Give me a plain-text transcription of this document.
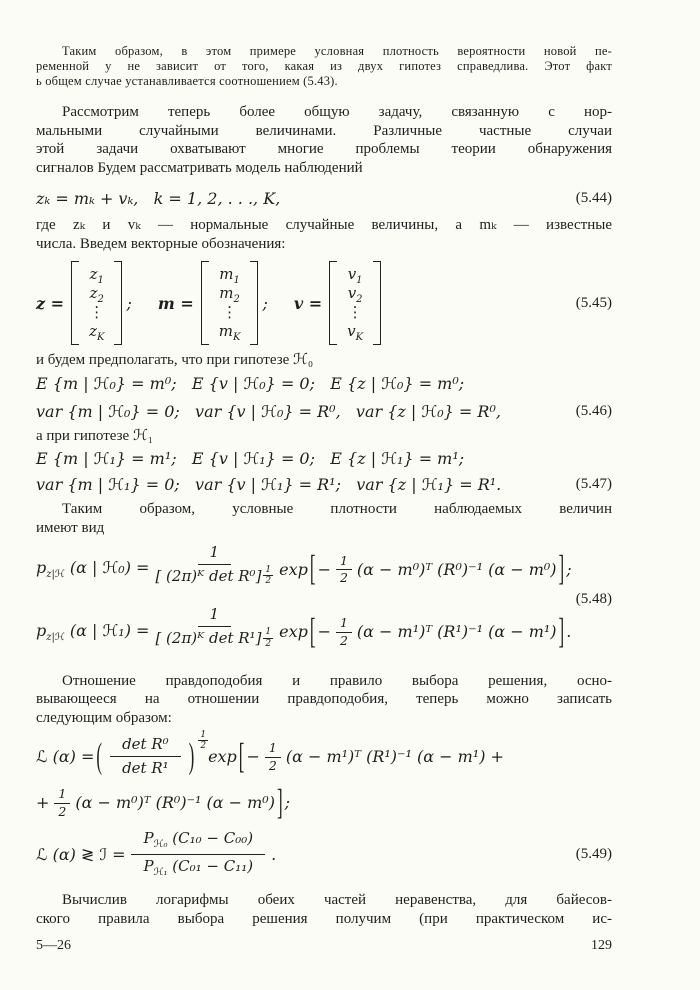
Таким образом, в этом примере условная плотность вероятности новой пе-
ременной у не зависит от того, какая из двух гипотез справедлива. Этот факт
ь общем случае устанавливается соотношением (5.43).

Рассмотрим теперь более общую задачу, связанную с нор-
мальными случайными величинами. Различные частные случаи
этой задачи охватывают многие проблемы теории обнаружения
сигналов Будем рассматривать модель наблюдений

zₖ = mₖ + vₖ,   k = 1, 2, . . ., K,	(5.44)

где zₖ и vₖ — нормальные случайные величины, а mₖ — известные
числа. Введем векторные обозначения:

z =
$z_1$
$z_2$
⋮
$z_K$
; m =
$m_1$
$m_2$
⋮
$m_K$
; v =
$v_1$
$v_2$
⋮
$v_K$
(5.45)

и будем предполагать, что при гипотезе ℋ₀

E {m | ℋ₀} = m⁰;   E {v | ℋ₀} = 0;   E {z | ℋ₀} = m⁰;
var {m | ℋ₀} = 0;   var {v | ℋ₀} = R⁰,   var {z | ℋ₀} = R⁰,	(5.46)

а при гипотезе ℋ₁

E {m | ℋ₁} = m¹;   E {v | ℋ₁} = 0;   E {z | ℋ₁} = m¹;
var {m | ℋ₁} = 0;   var {v | ℋ₁} = R¹;   var {z | ℋ₁} = R¹.	(5.47)

Таким образом, условные плотности наблюдаемых величин
имеют вид

$p_{z|ℋ}$ (α | ℋ₀) = $\frac{1}{[ (2\pi)ᴷ \det R^0] \frac{1}{2}}$ exp [ − $\frac{1}{2} (\alpha$ − m⁰)ᵀ (R⁰)⁻¹ (α − m⁰) ] ;
$p_{z|ℋ}$ (α | ℋ₁) = $\frac{1}{[ (2\pi)ᴷ \det R^1] \frac{1}{2}}$ exp [ − $\frac{1}{2} (\alpha$ − m¹)ᵀ (R¹)⁻¹ (α − m¹) ] .
(5.48)

Отношение правдоподобия и правило выбора решения, осно-
вывающееся на отношении правдоподобия, теперь можно записать
следующим образом:

ℒ (α) = ( $\frac{\text{det R⁰}}{\text{det R¹}}$ )
1
2
exp [ − $\frac{1}{2} (\alpha$ − m¹)ᵀ (R¹)⁻¹ (α − m¹) +
+ $\frac{1}{2} (\alpha$ − m⁰)ᵀ (R⁰)⁻¹ (α − m⁰) ] ;
ℒ (α) ≷ ℐ = $\frac{P_{ℋ_0} (C_{10} - C_{00})}{P_{ℋ_1} (C_{01} - C_{11})}$ .	(5.49)

Вычислив логарифмы обеих частей неравенства, для байесов-
ского правила выбора решения получим (при практическом ис-

5—26	129
